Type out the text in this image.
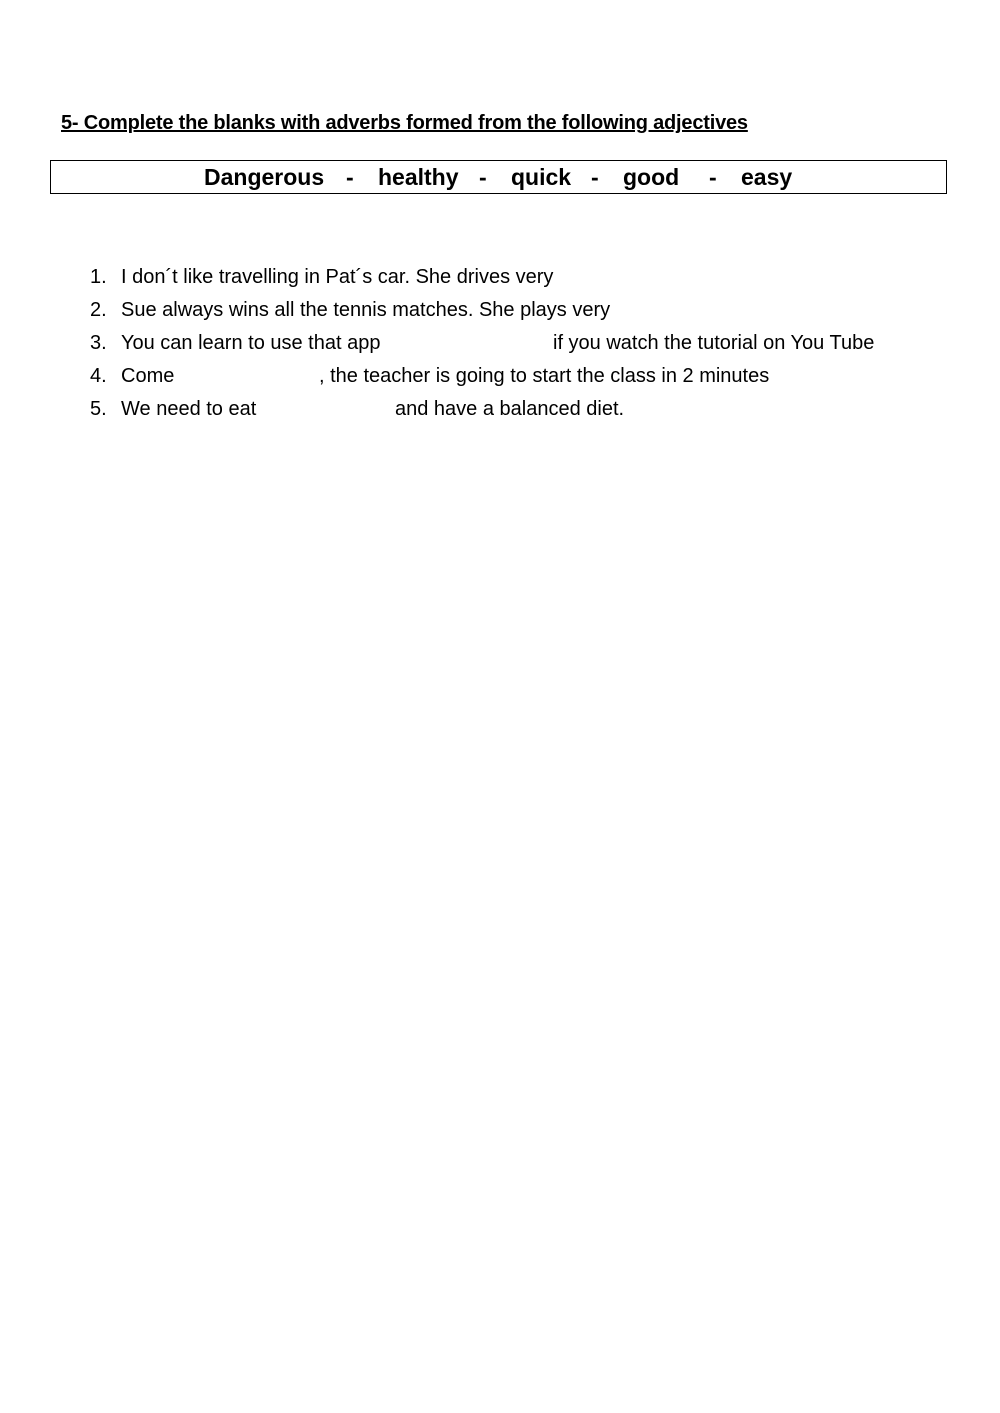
5- Complete the blanks with adverbs formed from the following adjectives
Dangerous - healthy - quick - good - easy
1. I don´t like travelling in Pat´s car. She drives very
2. Sue always wins all the tennis matches. She plays very
3. You can learn to use that app	if you watch the tutorial on You Tube
4. Come	, the teacher is going to start the class in 2 minutes
5. We need to eat	and have a balanced diet.
